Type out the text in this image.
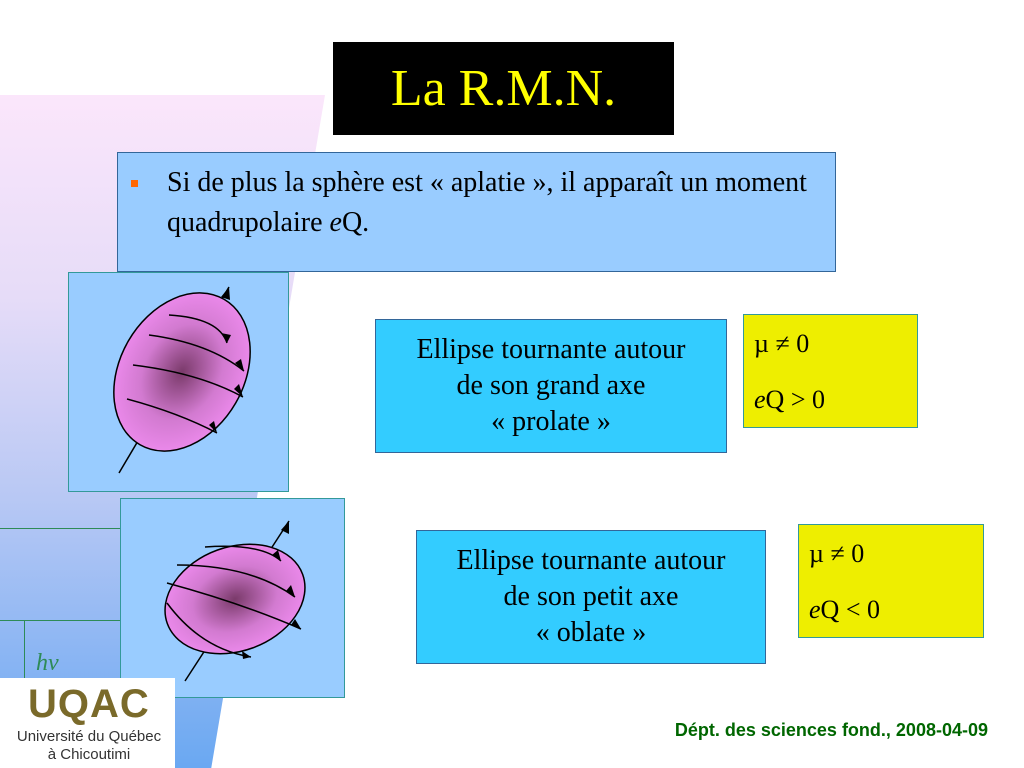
La R.M.N.
Si de plus la sphère est « aplatie », il apparaît un moment quadrupolaire eQ.
Ellipse tournante autour
de son grand axe
« prolate »
µ ≠ 0
eQ > 0
Ellipse tournante autour
de son petit axe
« oblate »
µ ≠ 0
eQ < 0
hν
UQAC
Université du Québec
à Chicoutimi
Dépt. des sciences fond., 2008-04-09
